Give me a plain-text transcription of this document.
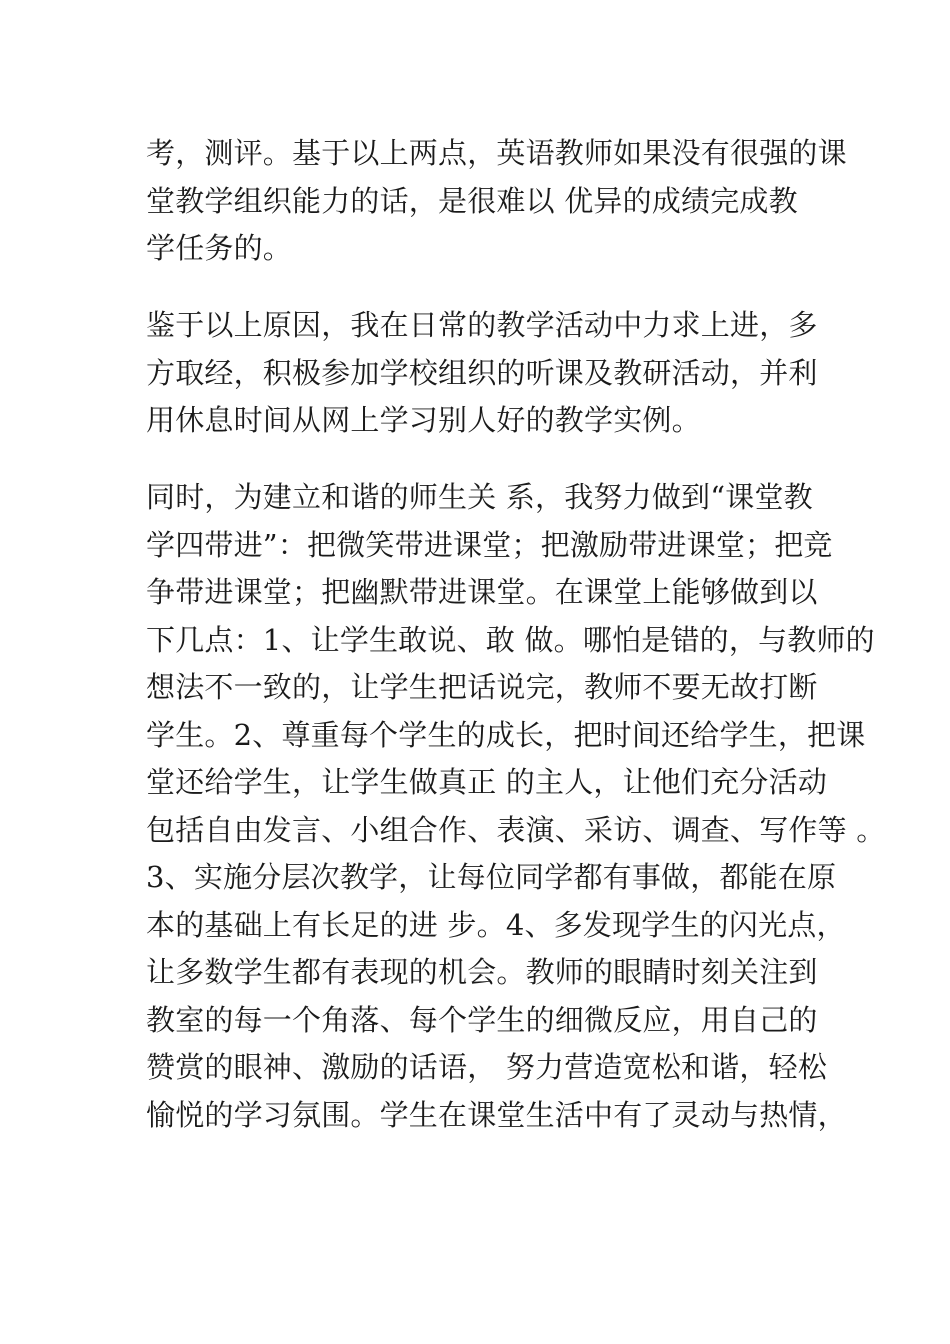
考，测评。基于以上两点，英语教师如果没有很强的课
堂教学组织能力的话，是很难以 优异的成绩完成教
学任务的。
鉴于以上原因，我在日常的教学活动中力求上进，多
方取经，积极参加学校组织的听课及教研活动，并利
用休息时间从网上学习别人好的教学实例。
同时，为建立和谐的师生关 系，我努力做到“课堂教
学四带进”：把微笑带进课堂；把激励带进课堂；把竞
争带进课堂；把幽默带进课堂。在课堂上能够做到以
下几点：1、让学生敢说、敢 做。哪怕是错的，与教师的
想法不一致的，让学生把话说完，教师不要无故打断
学生。2、尊重每个学生的成长，把时间还给学生，把课
堂还给学生，让学生做真正 的主人，让他们充分活动
包括自由发言、小组合作、表演、采访、调查、写作等 。
3、实施分层次教学，让每位同学都有事做，都能在原
本的基础上有长足的进 步。4、多发现学生的闪光点，
让多数学生都有表现的机会。教师的眼睛时刻关注到
教室的每一个角落、每个学生的细微反应，用自己的
赞赏的眼神、激励的话语， 努力营造宽松和谐，轻松
愉悦的学习氛围。学生在课堂生活中有了灵动与热情，
